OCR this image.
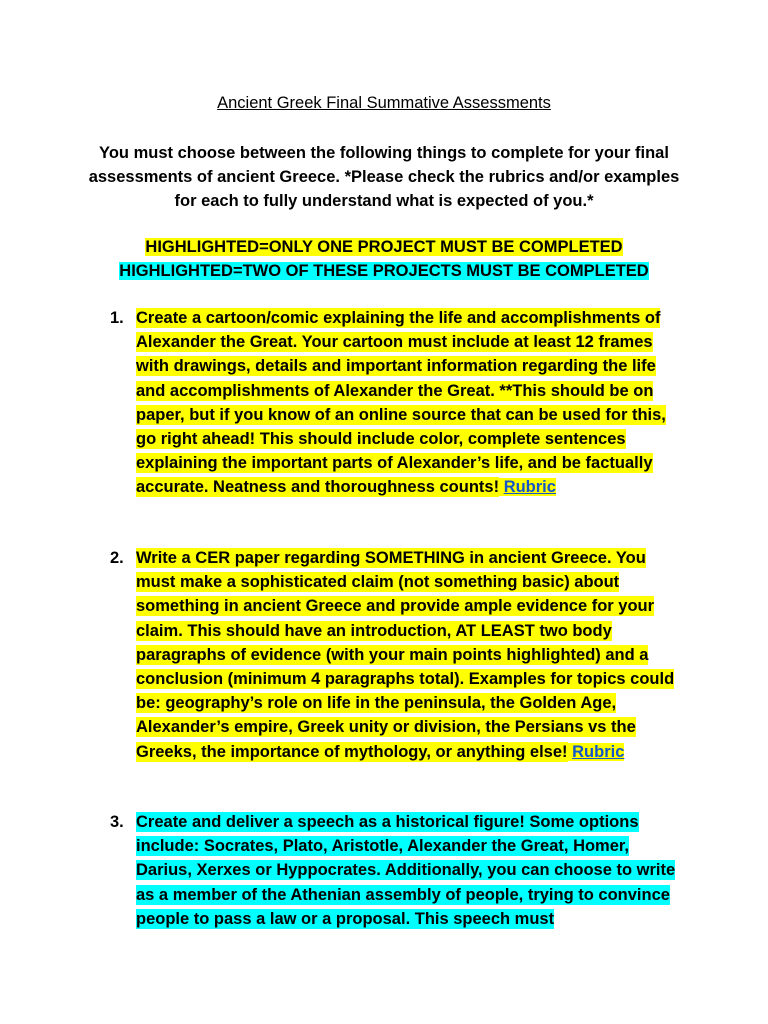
Ancient Greek Final Summative Assessments
You must choose between the following things to complete for your final assessments of ancient Greece. *Please check the rubrics and/or examples for each to fully understand what is expected of you.*
HIGHLIGHTED=ONLY ONE PROJECT MUST BE COMPLETED
HIGHLIGHTED=TWO OF THESE PROJECTS MUST BE COMPLETED
1. Create a cartoon/comic explaining the life and accomplishments of Alexander the Great. Your cartoon must include at least 12 frames with drawings, details and important information regarding the life and accomplishments of Alexander the Great. **This should be on paper, but if you know of an online source that can be used for this, go right ahead! This should include color, complete sentences explaining the important parts of Alexander’s life, and be factually accurate. Neatness and thoroughness counts! Rubric
2. Write a CER paper regarding SOMETHING in ancient Greece. You must make a sophisticated claim (not something basic) about something in ancient Greece and provide ample evidence for your claim. This should have an introduction, AT LEAST two body paragraphs of evidence (with your main points highlighted) and a conclusion (minimum 4 paragraphs total). Examples for topics could be: geography’s role on life in the peninsula, the Golden Age, Alexander’s empire, Greek unity or division, the Persians vs the Greeks, the importance of mythology, or anything else! Rubric
3. Create and deliver a speech as a historical figure! Some options include: Socrates, Plato, Aristotle, Alexander the Great, Homer, Darius, Xerxes or Hyppocrates. Additionally, you can choose to write as a member of the Athenian assembly of people, trying to convince people to pass a law or a proposal. This speech must
